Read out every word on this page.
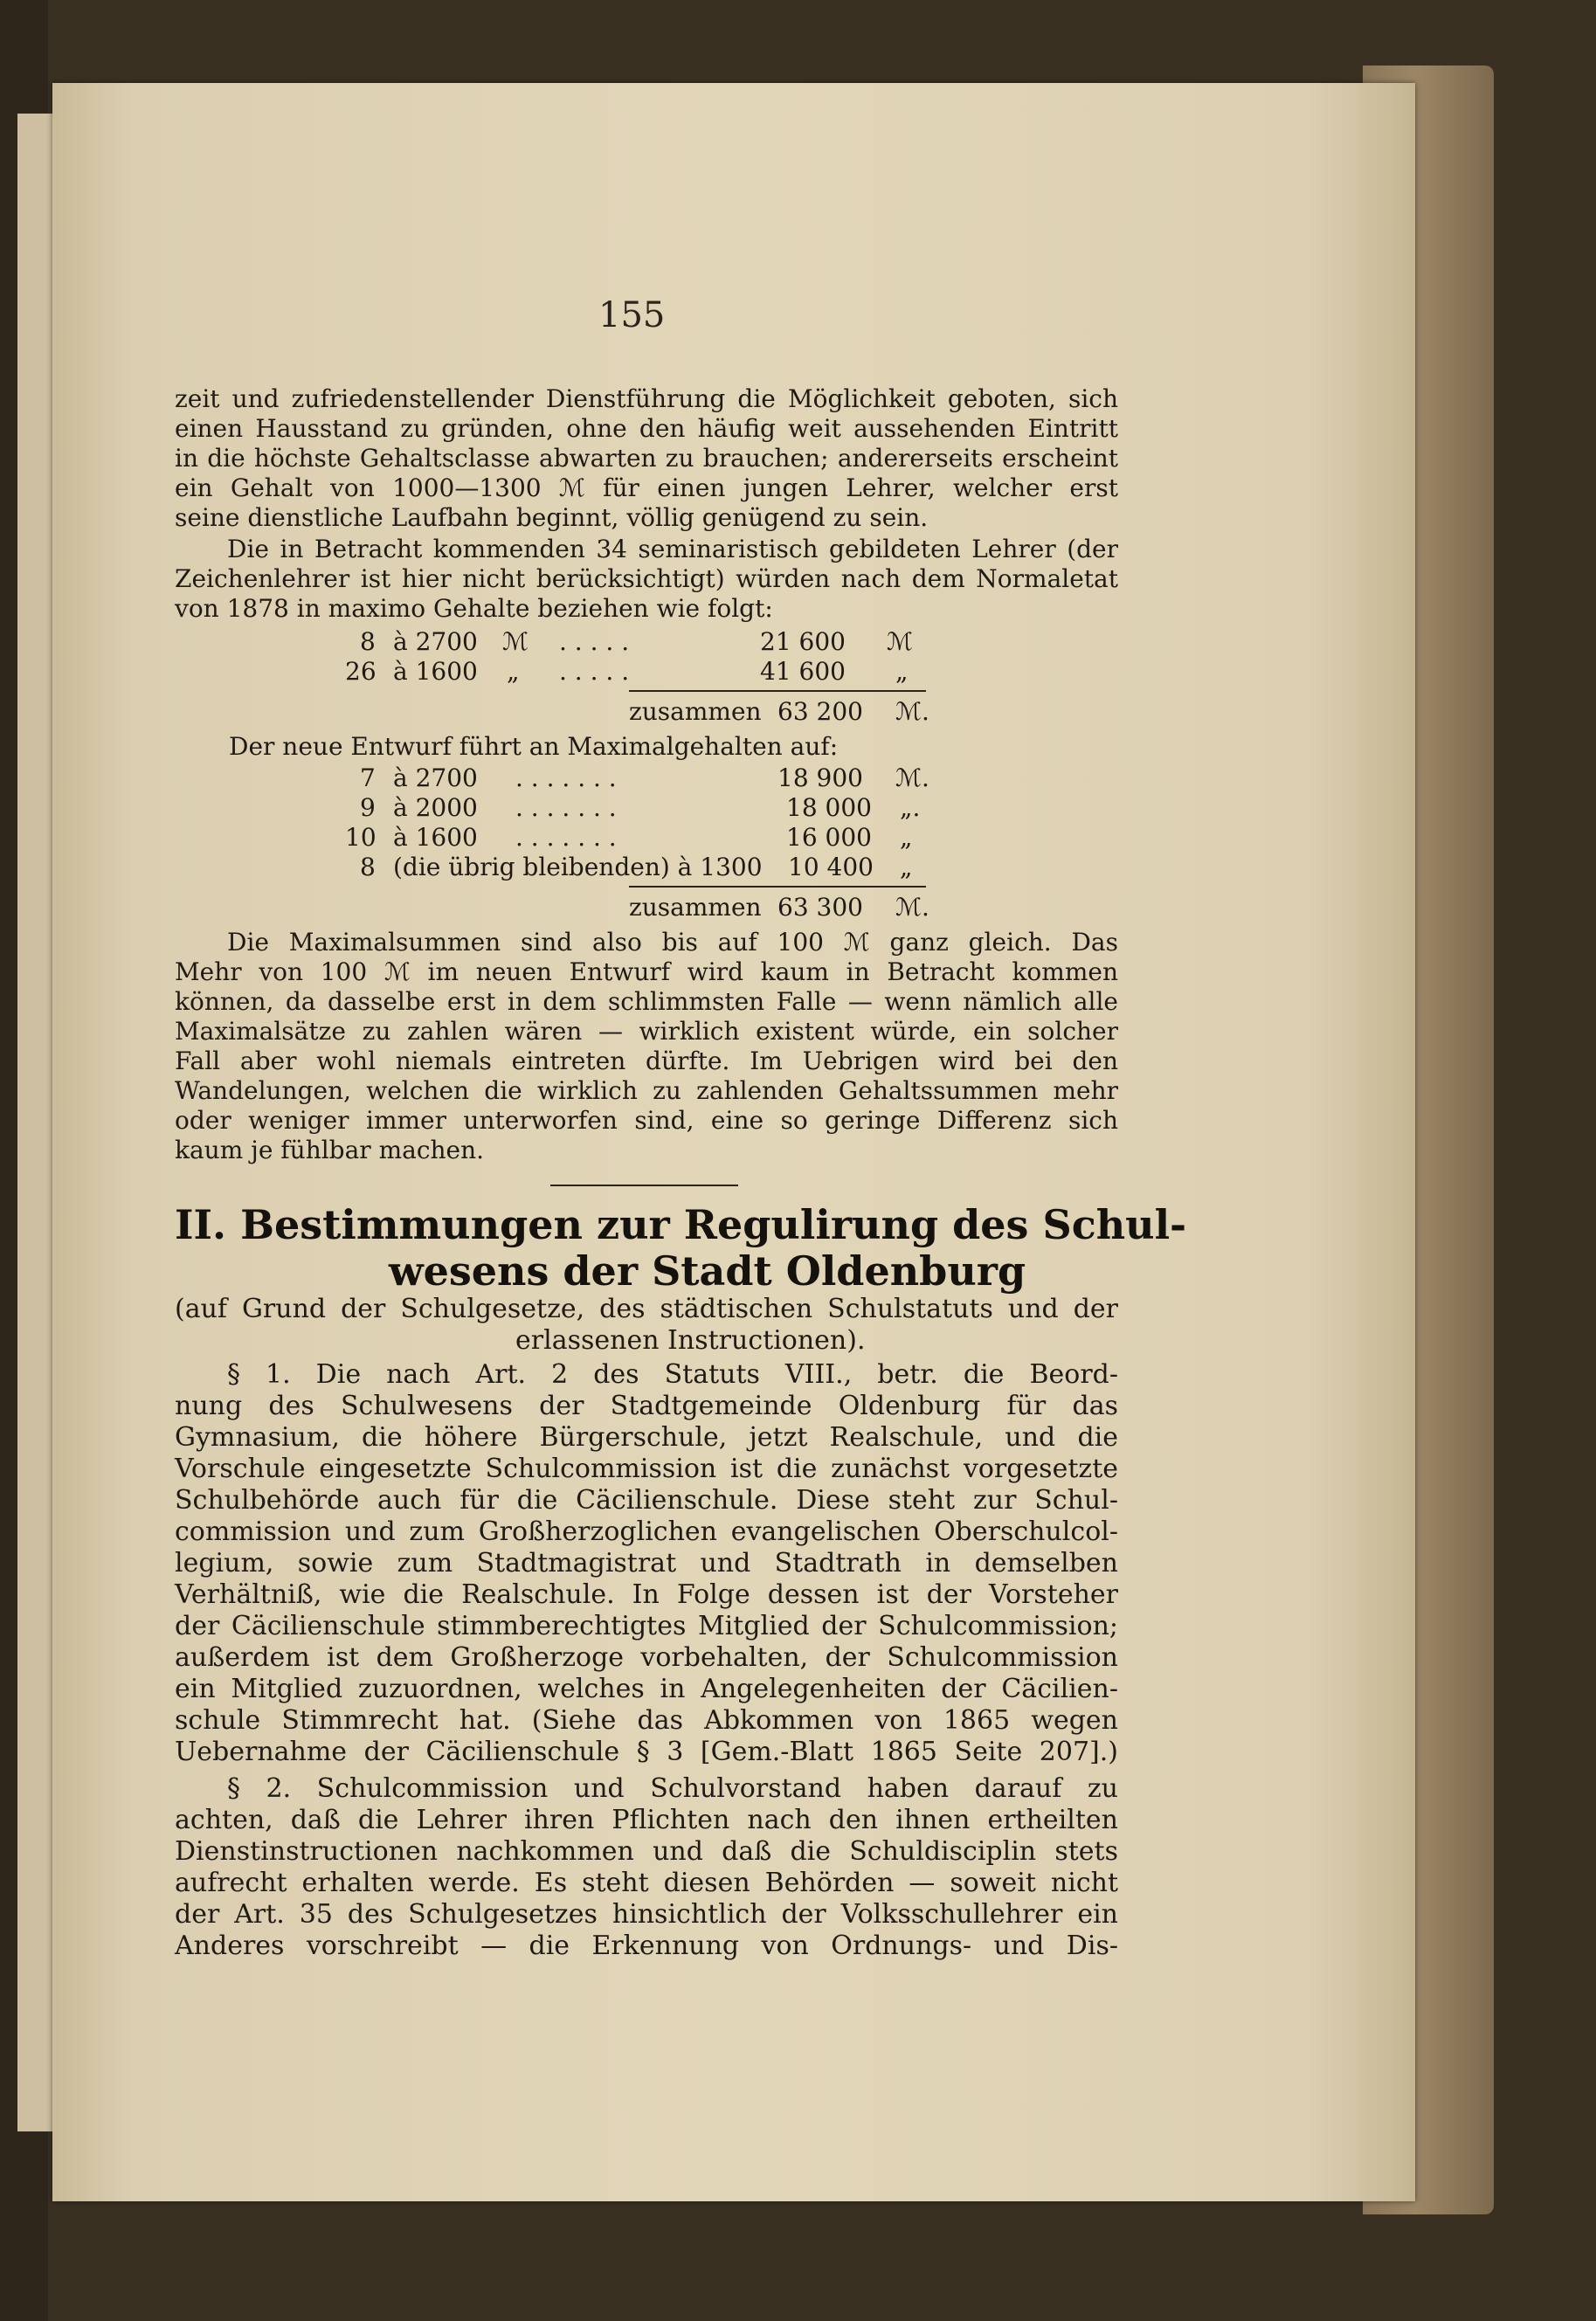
155
zeit und zufriedenstellender Dienstführung die Möglichkeit geboten, sich
einen Hausstand zu gründen, ohne den häufig weit aussehenden Eintritt
in die höchste Gehaltsclasse abwarten zu brauchen; andererseits erscheint
ein Gehalt von 1000—1300 ℳ für einen jungen Lehrer, welcher erst
seine dienstliche Laufbahn beginnt, völlig genügend zu sein.
Die in Betracht kommenden 34 seminaristisch gebildeten Lehrer (der
Zeichenlehrer ist hier nicht berücksichtigt) würden nach dem Normaletat
von 1878 in maximo Gehalte beziehen wie folgt:
8 à 2700 ℳ . . . . .	21 600 ℳ
26 à 1600 „ . . . . .	41 600 „
zusammen 63 200 ℳ.
Der neue Entwurf führt an Maximalgehalten auf:
7 à 2700 . . . . . . .	18 900 ℳ.
9 à 2000 . . . . . . .	18 000 „.
10 à 1600 . . . . . . .	16 000 „
8 (die übrig bleibenden) à 1300 10 400 „
zusammen 63 300 ℳ.
Die Maximalsummen sind also bis auf 100 ℳ ganz gleich. Das
Mehr von 100 ℳ im neuen Entwurf wird kaum in Betracht kommen
können, da dasselbe erst in dem schlimmsten Falle — wenn nämlich alle
Maximalsätze zu zahlen wären — wirklich existent würde, ein solcher
Fall aber wohl niemals eintreten dürfte. Im Uebrigen wird bei den
Wandelungen, welchen die wirklich zu zahlenden Gehaltssummen mehr
oder weniger immer unterworfen sind, eine so geringe Differenz sich
kaum je fühlbar machen.
II. Bestimmungen zur Regulirung des Schul-
wesens der Stadt Oldenburg
(auf Grund der Schulgesetze, des städtischen Schulstatuts und der
erlassenen Instructionen).
§ 1. Die nach Art. 2 des Statuts VIII., betr. die Beord-
nung des Schulwesens der Stadtgemeinde Oldenburg für das
Gymnasium, die höhere Bürgerschule, jetzt Realschule, und die
Vorschule eingesetzte Schulcommission ist die zunächst vorgesetzte
Schulbehörde auch für die Cäcilienschule. Diese steht zur Schul-
commission und zum Großherzoglichen evangelischen Oberschulcol-
legium, sowie zum Stadtmagistrat und Stadtrath in demselben
Verhältniß, wie die Realschule. In Folge dessen ist der Vorsteher
der Cäcilienschule stimmberechtigtes Mitglied der Schulcommission;
außerdem ist dem Großherzoge vorbehalten, der Schulcommission
ein Mitglied zuzuordnen, welches in Angelegenheiten der Cäcilien-
schule Stimmrecht hat. (Siehe das Abkommen von 1865 wegen
Uebernahme der Cäcilienschule § 3 [Gem.-Blatt 1865 Seite 207].)
§ 2. Schulcommission und Schulvorstand haben darauf zu
achten, daß die Lehrer ihren Pflichten nach den ihnen ertheilten
Dienstinstructionen nachkommen und daß die Schuldisciplin stets
aufrecht erhalten werde. Es steht diesen Behörden — soweit nicht
der Art. 35 des Schulgesetzes hinsichtlich der Volksschullehrer ein
Anderes vorschreibt — die Erkennung von Ordnungs- und Dis-
